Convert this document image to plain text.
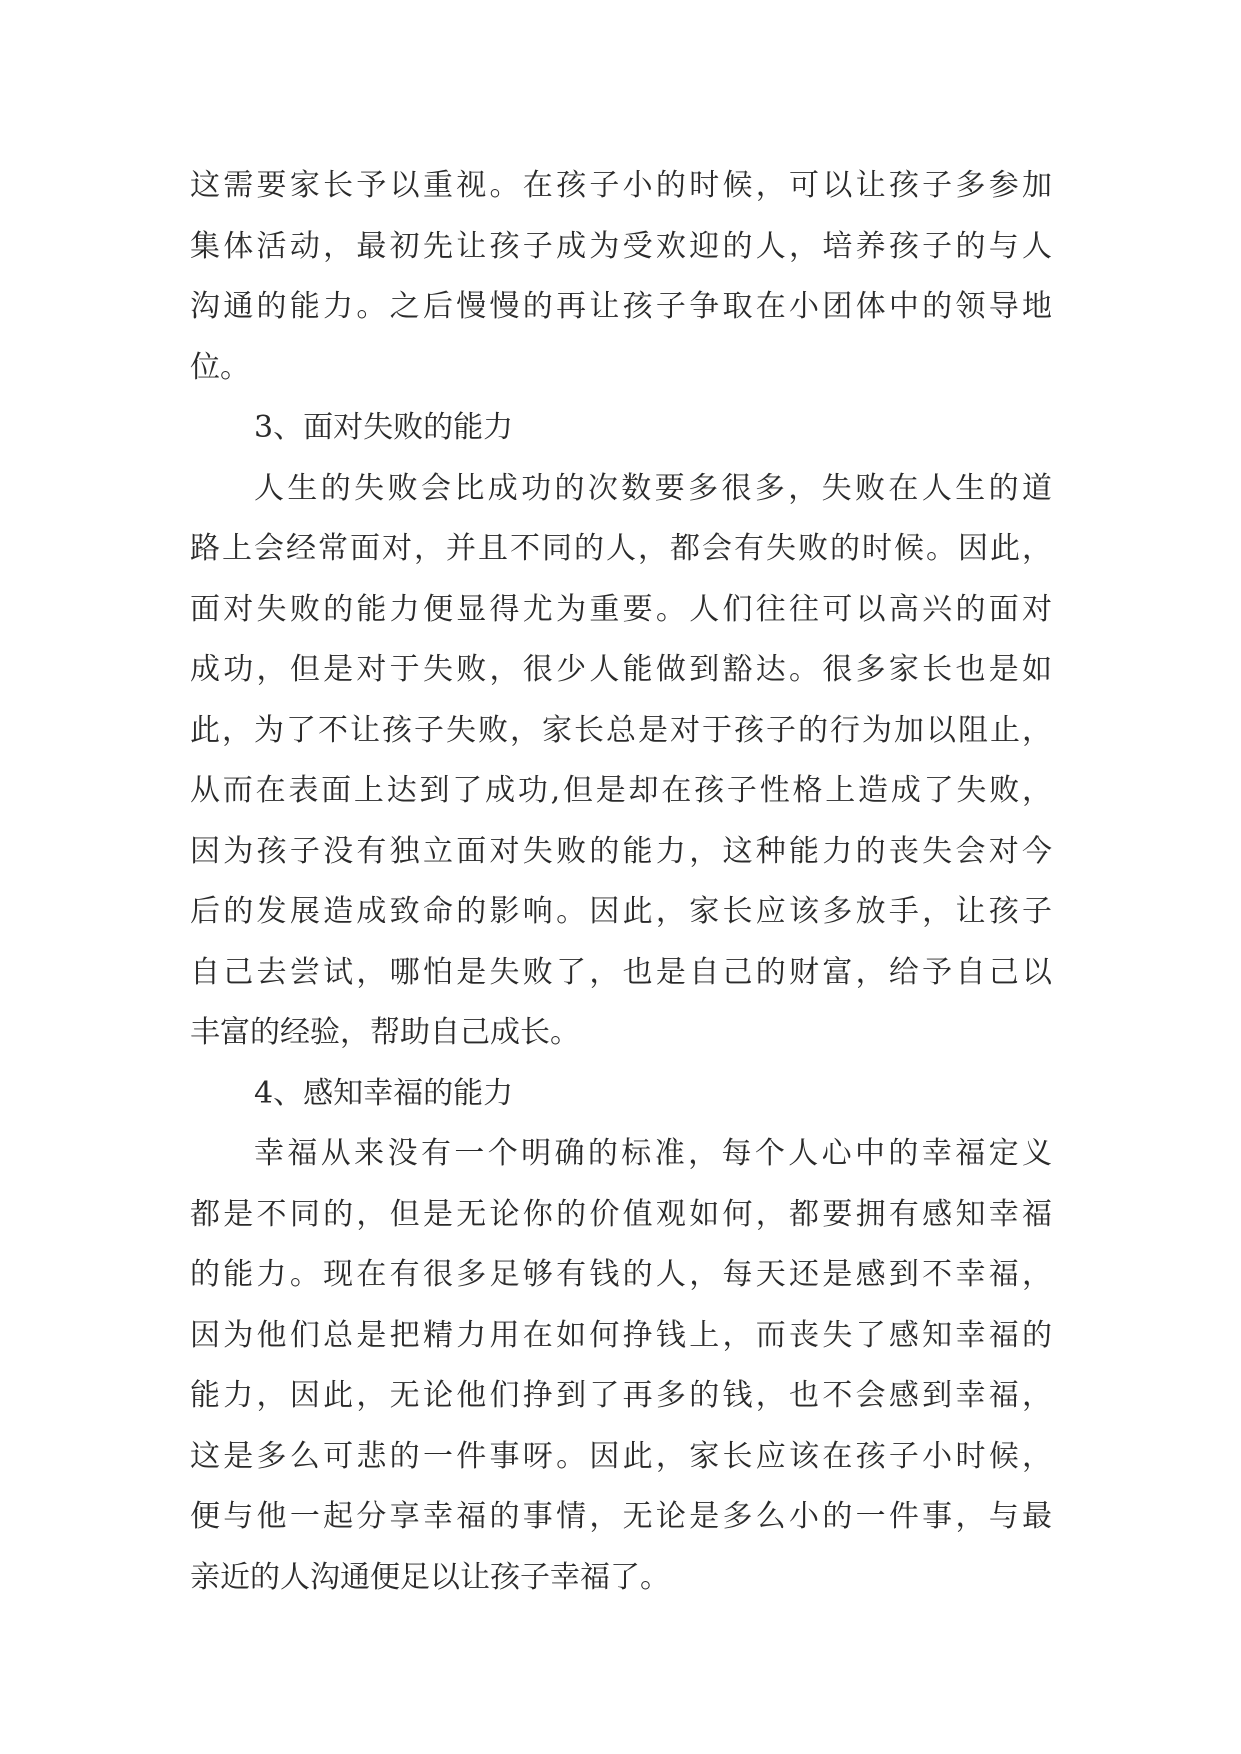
这需要家长予以重视。在孩子小的时候，可以让孩子多参加
集体活动，最初先让孩子成为受欢迎的人，培养孩子的与人
沟通的能力。之后慢慢的再让孩子争取在小团体中的领导地
位。
3、面对失败的能力
人生的失败会比成功的次数要多很多，失败在人生的道
路上会经常面对，并且不同的人，都会有失败的时候。因此，
面对失败的能力便显得尤为重要。人们往往可以高兴的面对
成功，但是对于失败，很少人能做到豁达。很多家长也是如
此，为了不让孩子失败，家长总是对于孩子的行为加以阻止，
从而在表面上达到了成功,但是却在孩子性格上造成了失败，
因为孩子没有独立面对失败的能力，这种能力的丧失会对今
后的发展造成致命的影响。因此，家长应该多放手，让孩子
自己去尝试，哪怕是失败了，也是自己的财富，给予自己以
丰富的经验，帮助自己成长。
4、感知幸福的能力
幸福从来没有一个明确的标准，每个人心中的幸福定义
都是不同的，但是无论你的价值观如何，都要拥有感知幸福
的能力。现在有很多足够有钱的人，每天还是感到不幸福，
因为他们总是把精力用在如何挣钱上，而丧失了感知幸福的
能力，因此，无论他们挣到了再多的钱，也不会感到幸福，
这是多么可悲的一件事呀。因此，家长应该在孩子小时候，
便与他一起分享幸福的事情，无论是多么小的一件事，与最
亲近的人沟通便足以让孩子幸福了。
